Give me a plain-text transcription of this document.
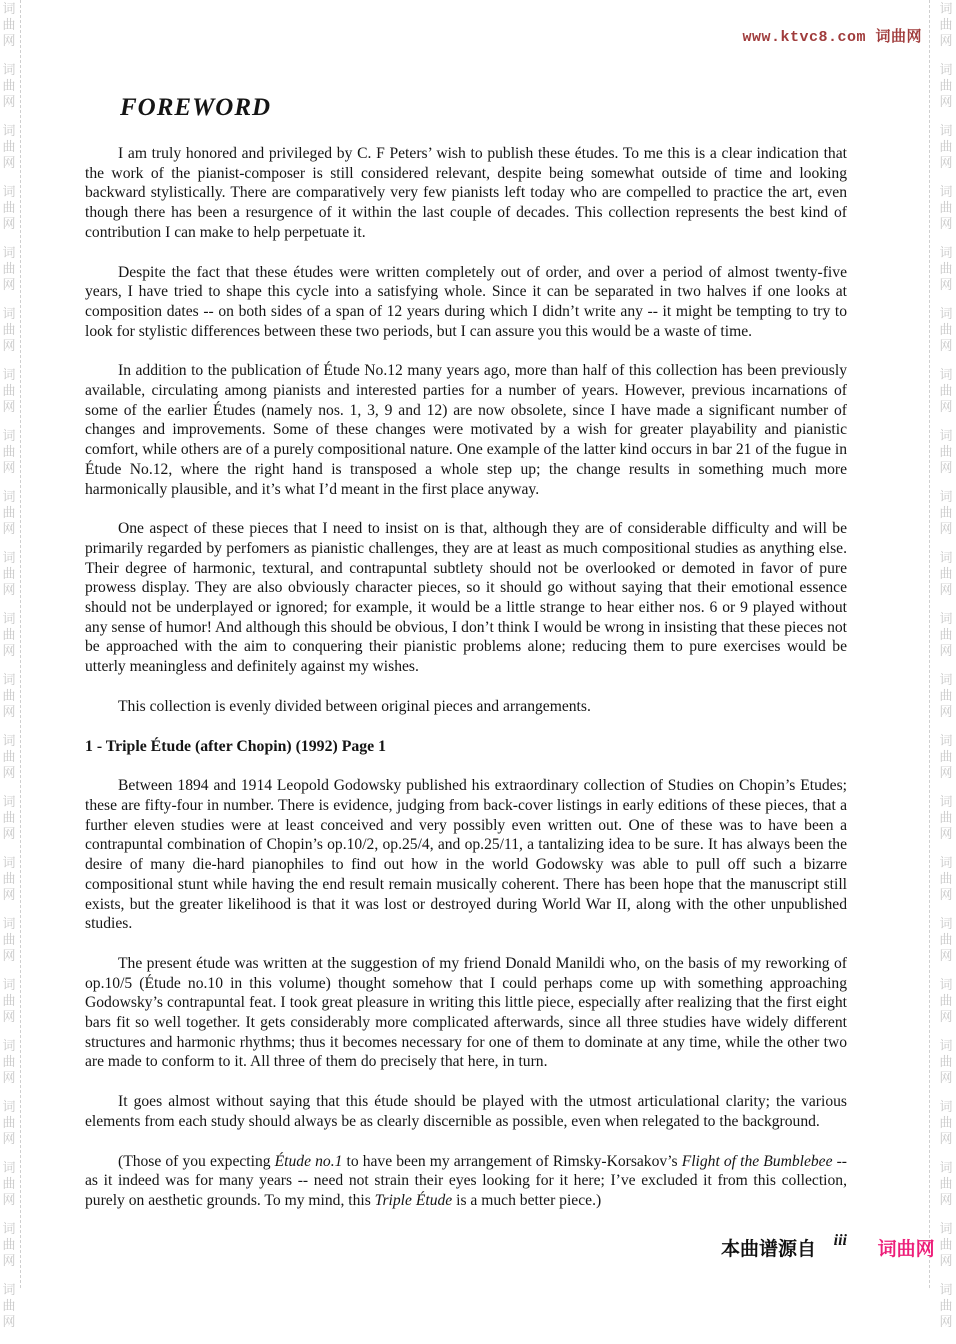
词
曲
网
词
曲
网
词
曲
网
词
曲
网
词
曲
网
词
曲
网
词
曲
网
词
曲
网
词
曲
网
词
曲
网
词
曲
网
词
曲
网
词
曲
网
词
曲
网
词
曲
网
词
曲
网
词
曲
网
词
曲
网
词
曲
网
词
曲
网
词
曲
网
词
曲
网
词
曲
网
词
曲
网
词
曲
网
词
曲
网
词
曲
网
词
曲
网
词
曲
网
词
曲
网
词
曲
网
词
曲
网
词
曲
网
词
曲
网
词
曲
网
词
曲
网
词
曲
网
词
曲
网
词
曲
网
词
曲
网
词
曲
网
词
曲
网
词
曲
网
词
曲
网
www.ktvc8.com 词曲网
FOREWORD

I am truly honored and privileged by C. F Peters’ wish to publish these études. To me this is a clear indication that the work of the pianist-composer is still considered relevant, despite being somewhat outside of time and looking backward stylistically. There are comparatively very few pianists left today who are compelled to practice the art, even though there has been a resurgence of it within the last couple of decades. This collection represents the best kind of contribution I can make to help perpetuate it.

Despite the fact that these études were written completely out of order, and over a period of almost twenty-five years, I have tried to shape this cycle into a satisfying whole. Since it can be separated in two halves if one looks at composition dates -- on both sides of a span of 12 years during which I didn’t write any -- it might be tempting to try to look for stylistic differences between these two periods, but I can assure you this would be a waste of time.

In addition to the publication of Étude No.12 many years ago, more than half of this collection has been previously available, circulating among pianists and interested parties for a number of years. However, previous incarnations of some of the earlier Études (namely nos. 1, 3, 9 and 12) are now obsolete, since I have made a significant number of changes and improvements. Some of these changes were motivated by a wish for greater playability and pianistic comfort, while others are of a purely compositional nature. One example of the latter kind occurs in bar 21 of the fugue in Étude No.12, where the right hand is transposed a whole step up; the change results in something much more harmonically plausible, and it’s what I’d meant in the first place anyway.

One aspect of these pieces that I need to insist on is that, although they are of considerable difficulty and will be primarily regarded by perfomers as pianistic challenges, they are at least as much compositional studies as anything else. Their degree of harmonic, textural, and contrapuntal subtlety should not be overlooked or demoted in favor of pure prowess display. They are also obviously character pieces, so it should go without saying that their emotional essence should not be underplayed or ignored; for example, it would be a little strange to hear either nos. 6 or 9 played without any sense of humor! And although this should be obvious, I don’t think I would be wrong in insisting that these pieces not be approached with the aim to conquering their pianistic problems alone; reducing them to pure exercises would be utterly meaningless and definitely against my wishes.

This collection is evenly divided between original pieces and arrangements.

1 - Triple Étude (after Chopin) (1992) Page 1

Between 1894 and 1914 Leopold Godowsky published his extraordinary collection of Studies on Chopin’s Etudes; these are fifty-four in number. There is evidence, judging from back-cover listings in early editions of these pieces, that a further eleven studies were at least conceived and very possibly even written out. One of these was to have been a contrapuntal combination of Chopin’s op.10/2, op.25/4, and op.25/11, a tantalizing idea to be sure. It has always been the desire of many die-hard pianophiles to find out how in the world Godowsky was able to pull off such a bizarre compositional stunt while having the end result remain musically coherent. There has been hope that the manuscript still exists, but the greater likelihood is that it was lost or destroyed during World War II, along with the other unpublished studies.

The present étude was written at the suggestion of my friend Donald Manildi who, on the basis of my reworking of op.10/5 (Étude no.10 in this volume) thought somehow that I could perhaps come up with something approaching Godowsky’s contrapuntal feat. I took great pleasure in writing this little piece, especially after realizing that the first eight bars fit so well together. It gets considerably more complicated afterwards, since all three studies have widely different structures and harmonic rhythms; thus it becomes necessary for one of them to dominate at any time, while the other two are made to conform to it. All three of them do precisely that here, in turn.

It goes almost without saying that this étude should be played with the utmost articulational clarity; the various elements from each study should always be as clearly discernible as possible, even when relegated to the background.

(Those of you expecting Étude no.1 to have been my arrangement of Rimsky-Korsakov’s Flight of the Bumblebee -- as it indeed was for many years -- need not strain their eyes looking for it here; I’ve excluded it from this collection, purely on aesthetic grounds. To my mind, this Triple Étude is a much better piece.)

iii
本曲谱源自	词曲网
